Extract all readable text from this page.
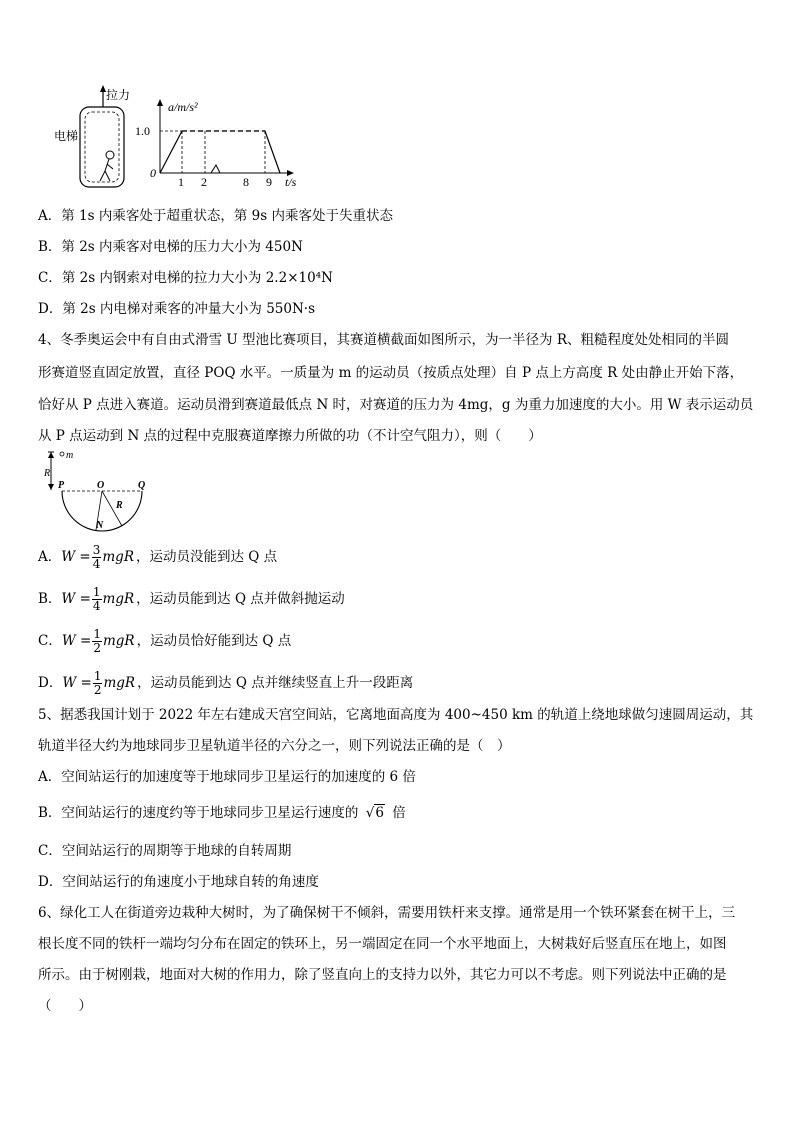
电梯
拉力
a/m/s²
1.0
0
1 2	8 9 t/s
A．第 1s 内乘客处于超重状态，第 9s 内乘客处于失重状态
B．第 2s 内乘客对电梯的压力大小为 450N
C．第 2s 内钢索对电梯的拉力大小为 2.2×10⁴N
D．第 2s 内电梯对乘客的冲量大小为 550N·s
4、冬季奥运会中有自由式滑雪 U 型池比赛项目，其赛道横截面如图所示，为一半径为 R、粗糙程度处处相同的半圆
形赛道竖直固定放置，直径 POQ 水平。一质量为 m 的运动员（按质点处理）自 P 点上方高度 R 处由静止开始下落，
恰好从 P 点进入赛道。运动员滑到赛道最低点 N 时，对赛道的压力为 4mg，g 为重力加速度的大小。用 W 表示运动员
从 P 点运动到 N 点的过程中克服赛道摩擦力所做的功（不计空气阻力），则（　　）
R
m
P	O	Q
R
N
A． $W = \frac{3}{4}$ mgR ，运动员没能到达 Q 点
B． $W = \frac{1}{4}$ mgR ，运动员能到达 Q 点并做斜抛运动
C． $W = \frac{1}{2}$ mgR ，运动员恰好能到达 Q 点
D． $W = \frac{1}{2}$ mgR ，运动员能到达 Q 点并继续竖直上升一段距离
5、据悉我国计划于 2022 年左右建成天宫空间站，它离地面高度为 400~450 km 的轨道上绕地球做匀速圆周运动，其
轨道半径大约为地球同步卫星轨道半径的六分之一，则下列说法正确的是（　）
A．空间站运行的加速度等于地球同步卫星运行的加速度的 6 倍
B．空间站运行的速度约等于地球同步卫星运行速度的 √6 倍
C．空间站运行的周期等于地球的自转周期
D．空间站运行的角速度小于地球自转的角速度
6、绿化工人在街道旁边栽种大树时，为了确保树干不倾斜，需要用铁杆来支撑。通常是用一个铁环紧套在树干上，三
根长度不同的铁杆一端均匀分布在固定的铁环上，另一端固定在同一个水平地面上，大树栽好后竖直压在地上，如图
所示。由于树刚栽，地面对大树的作用力，除了竖直向上的支持力以外，其它力可以不考虑。则下列说法中正确的是
（　　）
